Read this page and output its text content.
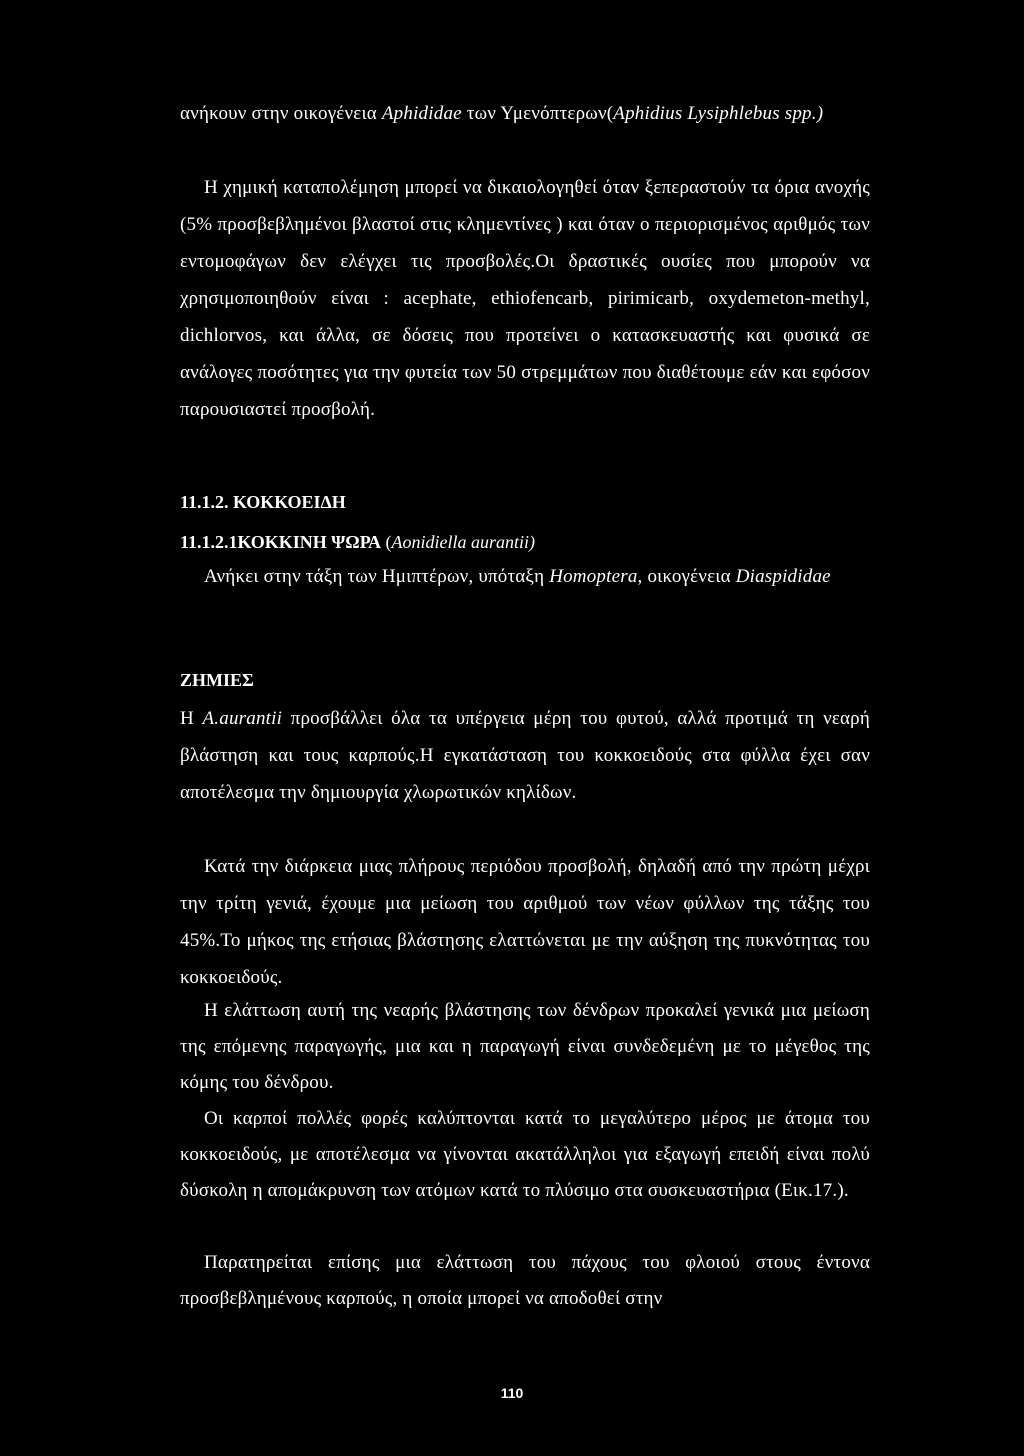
ανήκουν στην οικογένεια Aphididae των Υμενόπτερων(Aphidius Lysiphlebus spp.)

Η χημική καταπολέμηση μπορεί να δικαιολογηθεί όταν ξεπεραστούν τα όρια ανοχής (5% προσβεβλημένοι βλαστοί στις κλημεντίνες ) και όταν ο περιορισμένος αριθμός των εντομοφάγων δεν ελέγχει τις προσβολές.Οι δραστικές ουσίες που μπορούν να χρησιμοποιηθούν είναι : acephate, ethiofencarb, pirimicarb, oxydemeton-methyl, dichlorvos, και άλλα, σε δόσεις που προτείνει ο κατασκευαστής και φυσικά σε ανάλογες ποσότητες για την φυτεία των 50 στρεμμάτων που διαθέτουμε εάν και εφόσον παρουσιαστεί προσβολή.

11.1.2. ΚΟΚΚΟΕΙΔΗ

11.1.2.1ΚΟΚΚΙΝΗ ΨΩΡΑ (Aonidiella aurantii)

Ανήκει στην τάξη των Ημιπτέρων, υπόταξη Homoptera, οικογένεια Diaspididae

ΖΗΜΙΕΣ

Η A.aurantii προσβάλλει όλα τα υπέργεια μέρη του φυτού, αλλά προτιμά τη νεαρή βλάστηση και τους καρπούς.Η εγκατάσταση του κοκκοειδούς στα φύλλα έχει σαν αποτέλεσμα την δημιουργία χλωρωτικών κηλίδων.

Κατά την διάρκεια μιας πλήρους περιόδου προσβολή, δηλαδή από την πρώτη μέχρι την τρίτη γενιά, έχουμε μια μείωση του αριθμού των νέων φύλλων της τάξης του 45%.Το μήκος της ετήσιας βλάστησης ελαττώνεται με την αύξηση της πυκνότητας του κοκκοειδούς.

Η ελάττωση αυτή της νεαρής βλάστησης των δένδρων προκαλεί γενικά μια μείωση της επόμενης παραγωγής, μια και η παραγωγή είναι συνδεδεμένη με το μέγεθος της κόμης του δένδρου.

Οι καρποί πολλές φορές καλύπτονται κατά το μεγαλύτερο μέρος με άτομα του κοκκοειδούς, με αποτέλεσμα να γίνονται ακατάλληλοι για εξαγωγή επειδή είναι πολύ δύσκολη η απομάκρυνση των ατόμων κατά το πλύσιμο στα συσκευαστήρια (Εικ.17.).

Παρατηρείται επίσης μια ελάττωση του πάχους του φλοιού στους έντονα προσβεβλημένους καρπούς, η οποία μπορεί να αποδοθεί στην

110
